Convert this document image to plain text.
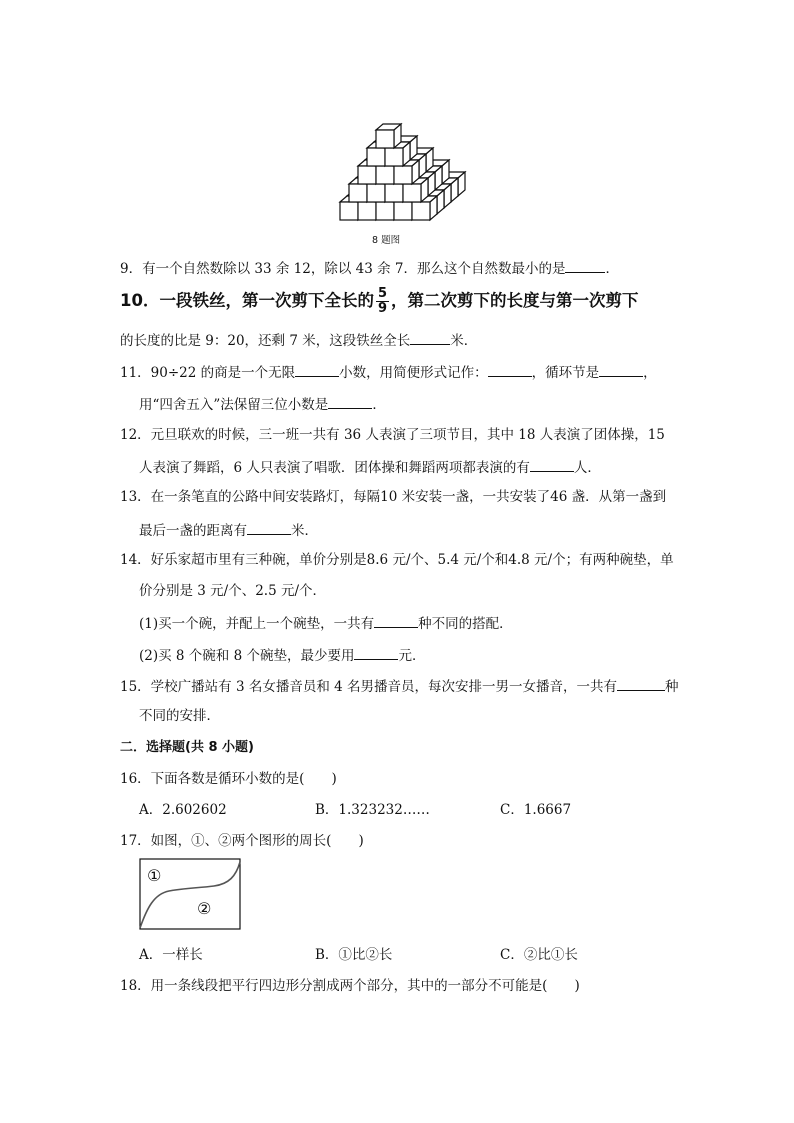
8 题图
9．有一个自然数除以 33 余 12，除以 43 余 7．那么这个自然数最小的是	．
10．一段铁丝，第一次剪下全长的 $\frac{5}{9}$ ，第二次剪下的长度与第一次剪下
的长度的比是 9：20，还剩 7 米，这段铁丝全长	米．
11．90÷22 的商是一个无限	小数，用简便形式记作：	，循环节是	，
用“四舍五入”法保留三位小数是	．
12．元旦联欢的时候，三一班一共有 36 人表演了三项节目，其中 18 人表演了团体操，15
人表演了舞蹈，6 人只表演了唱歌．团体操和舞蹈两项都表演的有	人．
13．在一条笔直的公路中间安装路灯，每隔10 米安装一盏，一共安装了46 盏．从第一盏到
最后一盏的距离有	米．
14．好乐家超市里有三种碗，单价分别是8.6 元/个、5.4 元/个和4.8 元/个；有两种碗垫，单
价分别是 3 元/个、2.5 元/个．
(1)买一个碗，并配上一个碗垫，一共有	种不同的搭配．
(2)买 8 个碗和 8 个碗垫，最少要用	元．
15．学校广播站有 3 名女播音员和 4 名男播音员，每次安排一男一女播音，一共有	种
不同的安排．
二．选择题(共 8 小题)
16．下面各数是循环小数的是(　　)
A．2.602602	B．1.323232……	C．1.6667
17．如图，①、②两个图形的周长(　　)
①
②
A．一样长	B．①比②长	C．②比①长
18．用一条线段把平行四边形分割成两个部分，其中的一部分不可能是(　　)
